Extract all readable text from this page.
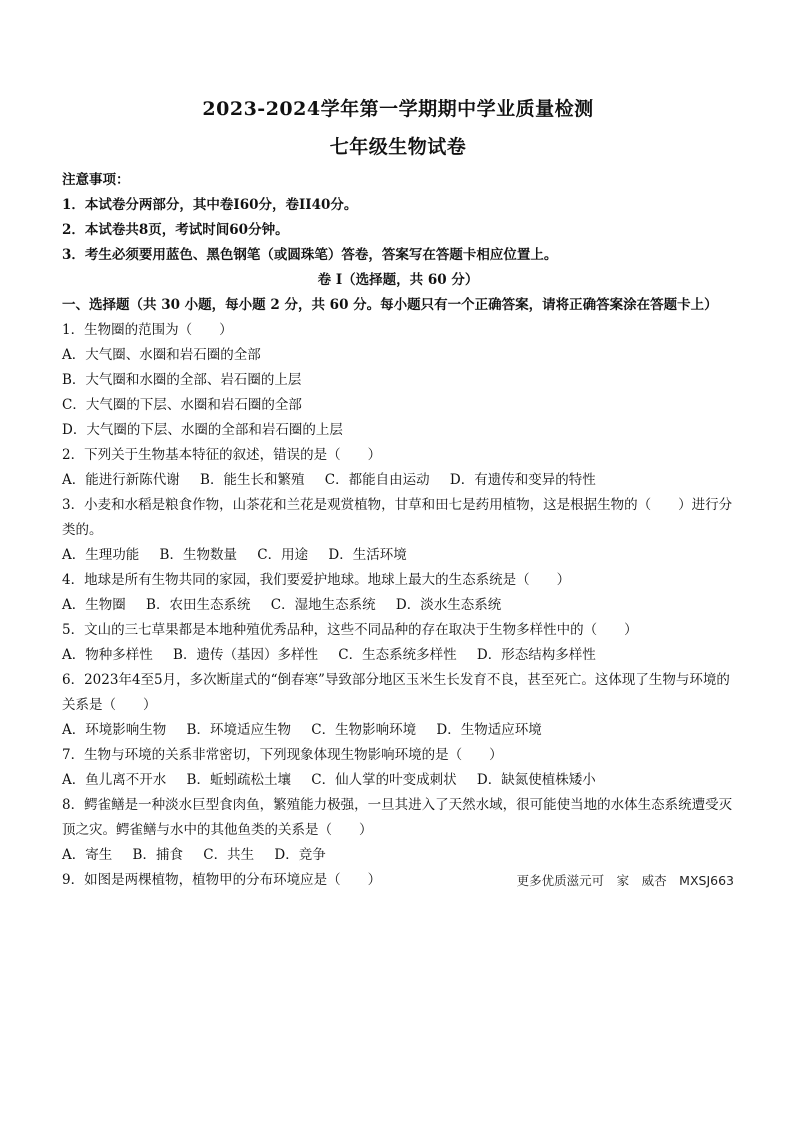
2023-2024学年第一学期期中学业质量检测

七年级生物试卷

注意事项：

1．本试卷分两部分，其中卷I60分，卷II40分。

2．本试卷共8页，考试时间60分钟。

3．考生必须要用蓝色、黑色钢笔（或圆珠笔）答卷，答案写在答题卡相应位置上。

卷 I（选择题，共 60 分）

一、选择题（共 30 小题，每小题 2 分，共 60 分。每小题只有一个正确答案，请将正确答案涂在答题卡上）

1．生物圈的范围为（　　）

A．大气圈、水圈和岩石圈的全部

B．大气圈和水圈的全部、岩石圈的上层

C．大气圈的下层、水圈和岩石圈的全部

D．大气圈的下层、水圈的全部和岩石圈的上层

2．下列关于生物基本特征的叙述，错误的是（　　）

A．能进行新陈代谢 B．能生长和繁殖 C．都能自由运动 D．有遗传和变异的特性

3．小麦和水稻是粮食作物，山茶花和兰花是观赏植物，甘草和田七是药用植物，这是根据生物的（　　）进行分类的。

A．生理功能 B．生物数量 C．用途 D．生活环境

4．地球是所有生物共同的家园，我们要爱护地球。地球上最大的生态系统是（　　）

A．生物圈 B．农田生态系统 C．湿地生态系统 D．淡水生态系统

5．文山的三七草果都是本地种殖优秀品种，这些不同品种的存在取决于生物多样性中的（　　）

A．物种多样性 B．遗传（基因）多样性 C．生态系统多样性 D．形态结构多样性

6．2023年4至5月，多次断崖式的“倒春寒”导致部分地区玉米生长发育不良，甚至死亡。这体现了生物与环境的关系是（　　）

A．环境影响生物 B．环境适应生物 C．生物影响环境 D．生物适应环境

7．生物与环境的关系非常密切，下列现象体现生物影响环境的是（　　）

A．鱼儿离不开水 B．蚯蚓疏松土壤 C．仙人掌的叶变成刺状 D．缺氮使植株矮小

8．鳄雀鳝是一种淡水巨型食肉鱼，繁殖能力极强，一旦其进入了天然水域，很可能使当地的水体生态系统遭受灭顶之灾。鳄雀鳝与水中的其他鱼类的关系是（　　）

A．寄生 B．捕食 C．共生 D．竞争

9．如图是两棵植物，植物甲的分布环境应是（　　）	更多优质滋元可　家　威杏　MXSJ663
